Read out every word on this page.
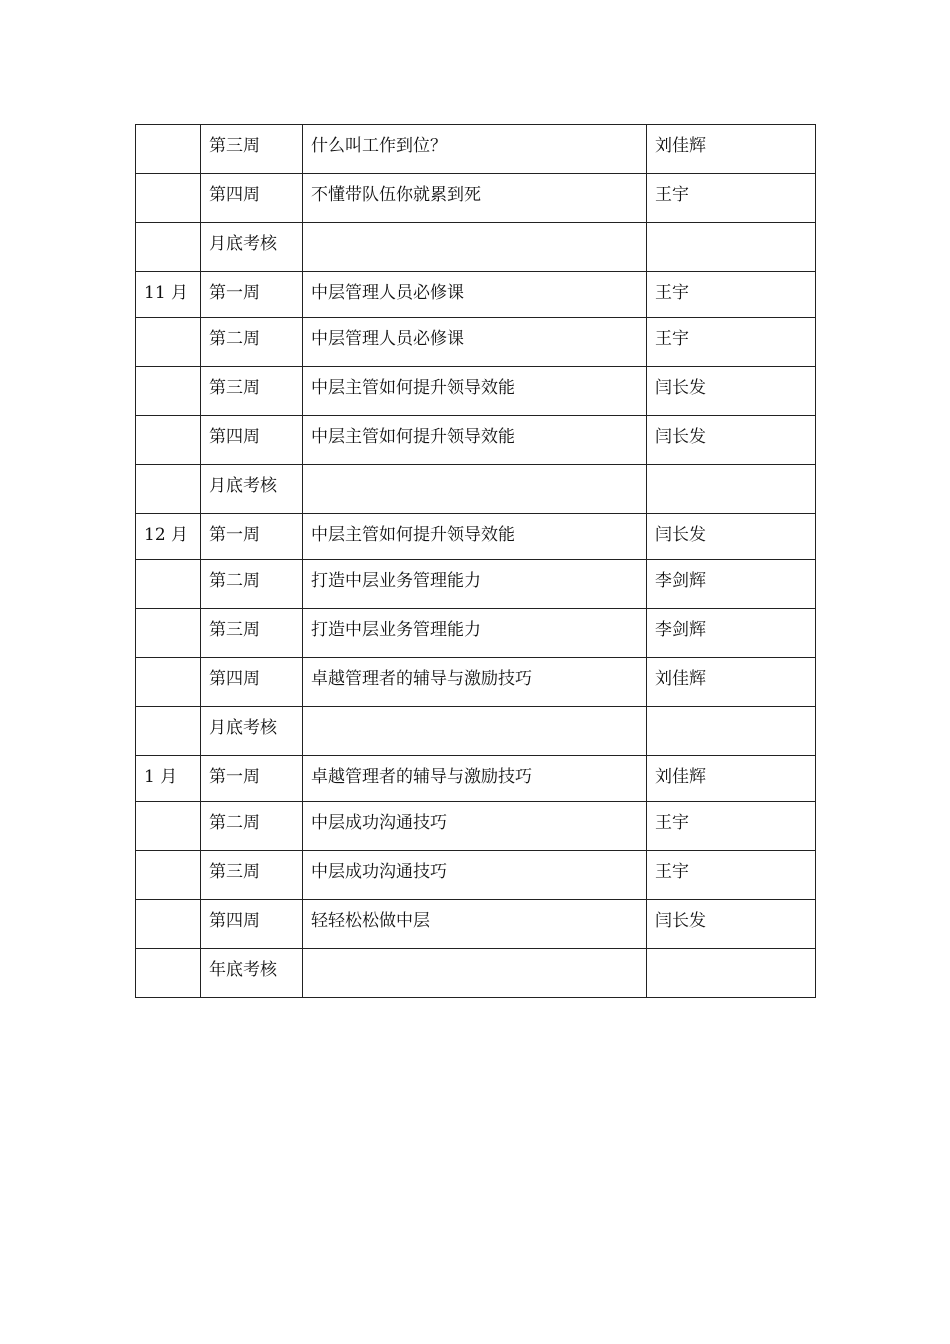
	第三周	什么叫工作到位？	刘佳辉
	第四周	不懂带队伍你就累到死	王宇
	月底考核		
11 月	第一周	中层管理人员必修课	王宇
	第二周	中层管理人员必修课	王宇
	第三周	中层主管如何提升领导效能	闫长发
	第四周	中层主管如何提升领导效能	闫长发
	月底考核		
12 月	第一周	中层主管如何提升领导效能	闫长发
	第二周	打造中层业务管理能力	李剑辉
	第三周	打造中层业务管理能力	李剑辉
	第四周	卓越管理者的辅导与激励技巧	刘佳辉
	月底考核		
1 月	第一周	卓越管理者的辅导与激励技巧	刘佳辉
	第二周	中层成功沟通技巧	王宇
	第三周	中层成功沟通技巧	王宇
	第四周	轻轻松松做中层	闫长发
	年底考核		
